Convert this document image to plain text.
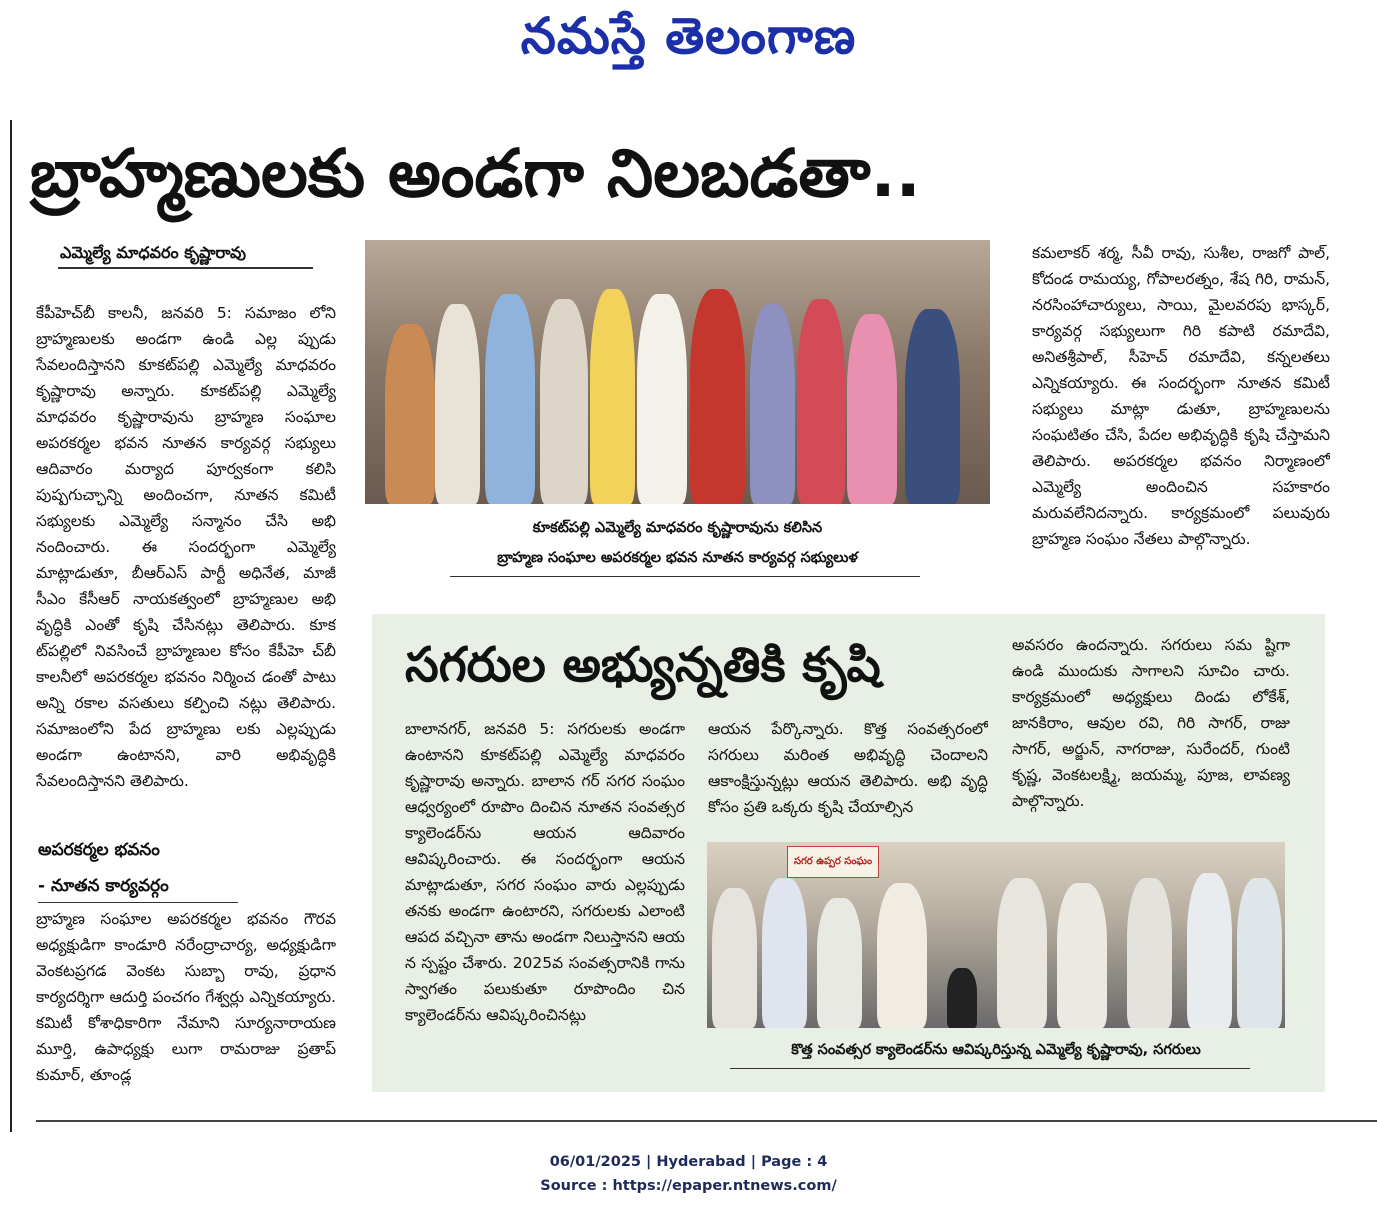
నమస్తే తెలంగాణ
బ్రాహ్మణులకు అండగా నిలబడతా..
ఎమ్మెల్యే మాధవరం కృష్ణారావు
కేపీహెచ్‌బీ కాలనీ, జనవరి 5: సమాజం లోని బ్రాహ్మణులకు అండగా ఉండి ఎల్ల ప్పుడు సేవలందిస్తానని కూకట్‌పల్లి ఎమ్మెల్యే మాధవరం కృష్ణారావు అన్నారు. కూకట్‌పల్లి ఎమ్మెల్యే మాధవరం కృష్ణారావును బ్రాహ్మణ సంఘాల అపరకర్మల భవన నూతన కార్యవర్గ సభ్యులు ఆదివారం మర్యాద పూర్వకంగా కలిసి పుష్పగుచ్ఛాన్ని అందించగా, నూతన కమిటీ సభ్యులకు ఎమ్మెల్యే సన్మానం చేసి అభి నందించారు. ఈ సందర్భంగా ఎమ్మెల్యే మాట్లాడుతూ, బీఆర్‌ఎస్ పార్టీ అధినేత, మాజీ సీఎం కేసీఆర్ నాయకత్వంలో బ్రాహ్మణుల అభి వృద్ధికి ఎంతో కృషి చేసినట్లు తెలిపారు. కూక ట్‌పల్లిలో నివసించే బ్రాహ్మణుల కోసం కేపీహె చ్‌బీ కాలనీలో అపరకర్మల భవనం నిర్మించ డంతో పాటు అన్ని రకాల వసతులు కల్పించి నట్లు తెలిపారు. సమాజంలోని పేద బ్రాహ్మణు లకు ఎల్లప్పుడు అండగా ఉంటానని, వారి అభివృద్ధికి సేవలందిస్తానని తెలిపారు.
అపరకర్మల భవనం
- నూతన కార్యవర్గం
బ్రాహ్మణ సంఘాల అపరకర్మల భవనం గౌరవ అధ్యక్షుడిగా కాండూరి నరేంద్రాచార్య, అధ్యక్షుడిగా వెంకటప్రగడ వెంకట సుబ్బా రావు, ప్రధాన కార్యదర్శిగా ఆదుర్తి పంచగం గేశ్వర్లు ఎన్నికయ్యారు. కమిటీ కోశాధికారిగా నేమాని సూర్యనారాయణ మూర్తి, ఉపాధ్యక్షు లుగా రామరాజు ప్రతాప్ కుమార్, తూండ్ల
కూకట్‌పల్లి ఎమ్మెల్యే మాధవరం కృష్ణారావును కలిసిన
బ్రాహ్మణ సంఘాల అపరకర్మల భవన నూతన కార్యవర్గ సభ్యులుళ
కమలాకర్ శర్మ, సీవీ రావు, సుశీల, రాజగో పాల్, కోదండ రామయ్య, గోపాలరత్నం, శేష గిరి, రామన్, నరసింహాచార్యులు, సాయి, మైలవరపు భాస్కర్, కార్యవర్గ సభ్యులుగా గిరి కపాటి రమాదేవి, అనితశ్రీపాల్, సీహెచ్ రమాదేవి, కన్నలతలు ఎన్నికయ్యారు. ఈ సందర్భంగా నూతన కమిటీ సభ్యులు మాట్లా డుతూ, బ్రాహ్మణులను సంఘటితం చేసి, పేదల అభివృద్ధికి కృషి చేస్తామని తెలిపారు. అపరకర్మల భవనం నిర్మాణంలో ఎమ్మెల్యే అందించిన సహకారం మరువలేనిదన్నారు. కార్యక్రమంలో పలువురు బ్రాహ్మణ సంఘం నేతలు పాల్గొన్నారు.
సగరుల అభ్యున్నతికి కృషి
బాలానగర్, జనవరి 5: సగరులకు అండగా ఉంటానని కూకట్‌పల్లి ఎమ్మెల్యే మాధవరం కృష్ణారావు అన్నారు. బాలాన గర్ సగర సంఘం ఆధ్వర్యంలో రూపొం దించిన నూతన సంవత్సర క్యాలెండర్‌ను ఆయన ఆదివారం ఆవిష్కరించారు. ఈ సందర్భంగా ఆయన మాట్లాడుతూ, సగర సంఘం వారు ఎల్లప్పుడు తనకు అండగా ఉంటారని, సగరులకు ఎలాంటి ఆపద వచ్చినా తాను అండగా నిలుస్తానని ఆయ న స్పష్టం చేశారు. 2025వ సంవత్సరానికి గాను స్వాగతం పలుకుతూ రూపొందిం చిన క్యాలెండర్‌ను ఆవిష్కరించినట్లు
ఆయన పేర్కొన్నారు. కొత్త సంవత్సరంలో సగరులు మరింత అభివృద్ధి చెందాలని ఆకాంక్షిస్తున్నట్లు ఆయన తెలిపారు. అభి వృద్ధి కోసం ప్రతి ఒక్కరు కృషి చేయాల్సిన
అవసరం ఉందన్నారు. సగరులు సమ ష్టిగా ఉండి ముందుకు సాగాలని సూచిం చారు. కార్యక్రమంలో అధ్యక్షులు దిండు లోకేశ్, జానకిరాం, ఆవుల రవి, గిరి సాగర్, రాజు సాగర్, అర్జున్, నాగరాజు, సురేందర్, గుంటి కృష్ణ, వెంకటలక్ష్మి, జయమ్మ, పూజ, లావణ్య పాల్గొన్నారు.
సగర ఉప్పర సంఘం
కొత్త సంవత్సర క్యాలెండర్‌ను ఆవిష్కరిస్తున్న ఎమ్మెల్యే కృష్ణారావు, సగరులు
06/01/2025 | Hyderabad | Page : 4
Source : https://epaper.ntnews.com/
